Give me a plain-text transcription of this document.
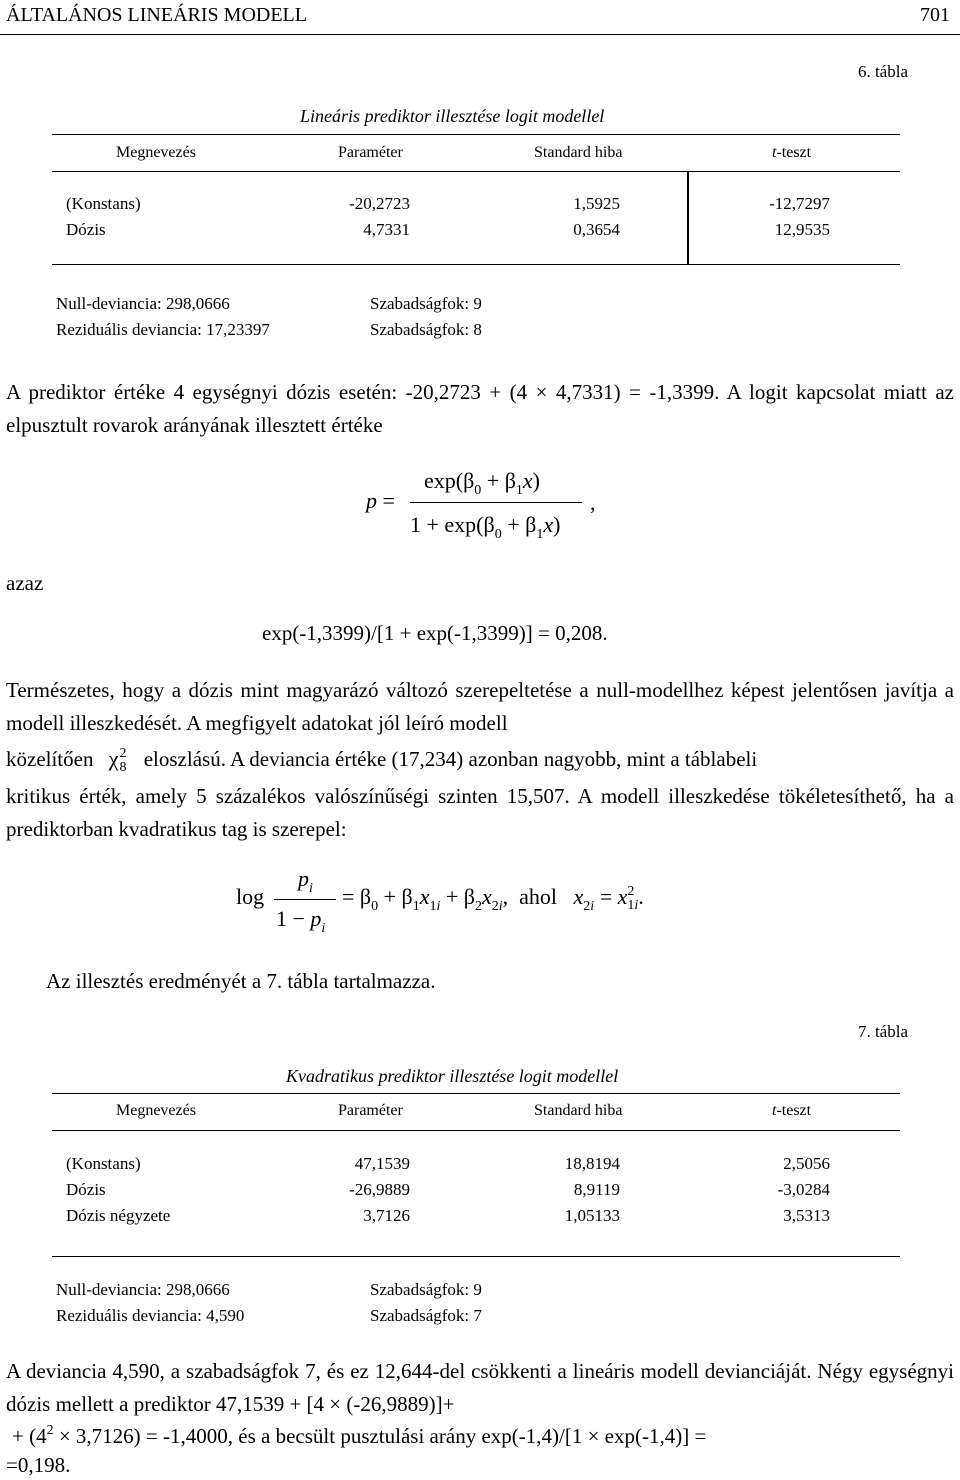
ÁLTALÁNOS LINEÁRIS MODELL	701
6. tábla
Lineáris prediktor illesztése logit modellel
Megnevezés	Paraméter	Standard hiba	t-teszt
(Konstans)	-20,2723	1,5925	-12,7297
Dózis	4,7331	0,3654	12,9535
Null-deviancia: 298,0666	Szabadságfok: 9
Reziduális deviancia: 17,23397	Szabadságfok: 8
A prediktor értéke 4 egységnyi dózis esetén: -20,2723 + (4 × 4,7331) = -1,3399. A logit kapcsolat miatt az elpusztult rovarok arányának illesztett értéke
p =
$\exp(\beta_0 + \beta_1x)$
$1 + \exp(\beta_0 + \beta_1x)$
,
azaz
exp(-1,3399)/[1 + exp(-1,3399)] = 0,208.
Természetes, hogy a dózis mint magyarázó változó szerepeltetése a null-modellhez képest jelentősen javítja a modell illeszkedését. A megfigyelt adatokat jól leíró modell
közelítően χ2
8 eloszlású. A deviancia értéke (17,234) azonban nagyobb, mint a táblabeli
kritikus érték, amely 5 százalékos valószínűségi szinten 15,507. A modell illeszkedése tökéletesíthető, ha a prediktorban kvadratikus tag is szerepel:
log
$p_i$
$1 - p_i$
= $\beta_0 + \beta_1x_{1i} + \beta_2x_{2i}$,  ahol   $x_{2i} = x2$
1i.
Az illesztés eredményét a 7. tábla tartalmazza.
7. tábla
Kvadratikus prediktor illesztése logit modellel
Megnevezés	Paraméter	Standard hiba	t-teszt
(Konstans)	47,1539	18,8194	2,5056
Dózis	-26,9889	8,9119	-3,0284
Dózis négyzete	3,7126	1,05133	3,5313
Null-deviancia: 298,0666	Szabadságfok: 9
Reziduális deviancia: 4,590	Szabadságfok: 7
A deviancia 4,590, a szabadságfok 7, és ez 12,644-del csökkenti a lineáris modell devianciáját. Négy egységnyi dózis mellett a prediktor 47,1539 + [4 × (-26,9889)]+
+ $(4^2 \times 3,7126) = -1,4000$, és a becsült pusztulási arány exp(-1,4)/[1 × exp(-1,4)] =
=0,198.
